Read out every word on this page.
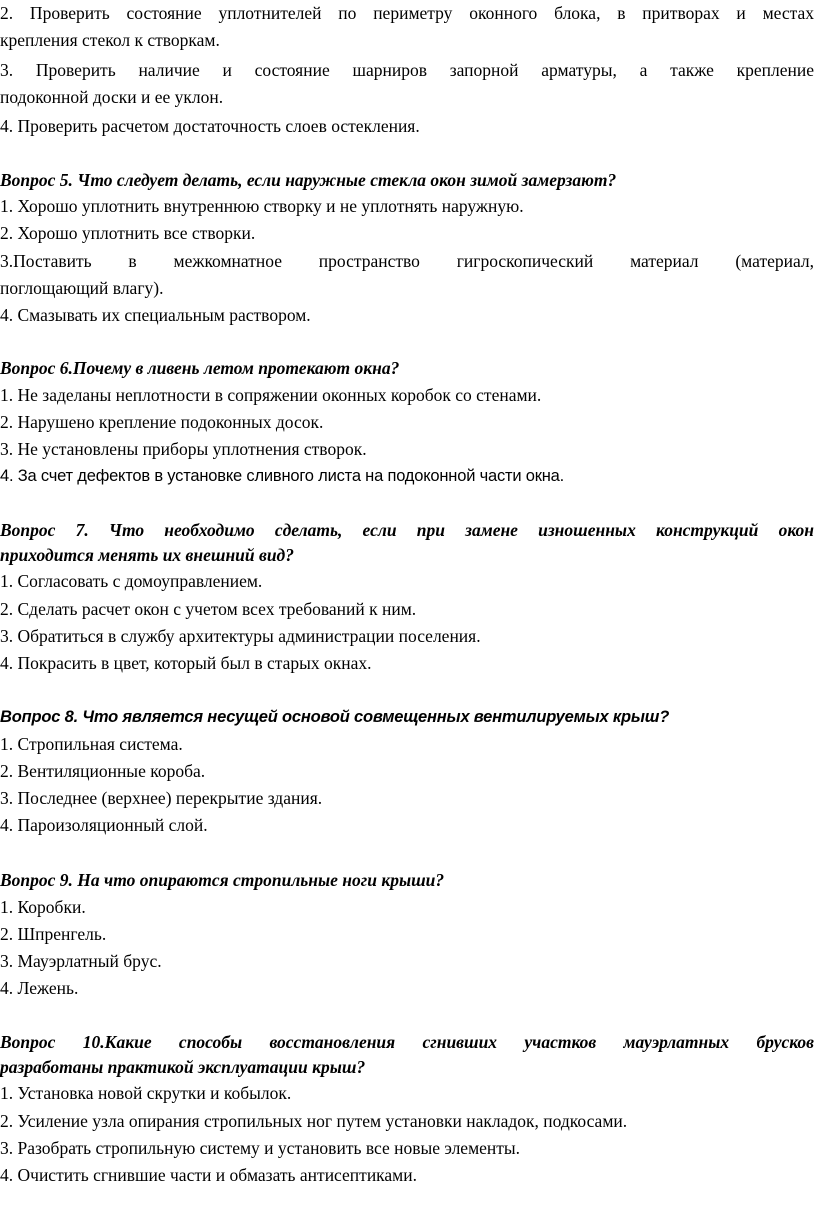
2. Проверить состояние уплотнителей по периметру оконного блока, в притворах и местах
крепления стекол к створкам.
3. Проверить наличие и состояние шарниров запорной арматуры, а также крепление
подоконной доски и ее уклон.
4. Проверить расчетом достаточность слоев остекления.
Вопрос 5. Что следует делать, если наружные стекла окон зимой замерзают?
1. Хорошо уплотнить внутреннюю створку и не уплотнять наружную.
2. Хорошо уплотнить все створки.
3.Поставить в межкомнатное пространство гигроскопический материал (материал,
поглощающий влагу).
4. Смазывать их специальным раствором.
Вопрос 6.Почему в ливень летом протекают окна?
1. Не заделаны неплотности в сопряжении оконных коробок со стенами.
2. Нарушено крепление подоконных досок.
3. Не установлены приборы уплотнения створок.
4. За счет дефектов в установке сливного листа на подоконной части окна.
Вопрос 7. Что необходимо сделать, если при замене изношенных конструкций окон
приходится менять их внешний вид?
1. Согласовать с домоуправлением.
2. Сделать расчет окон с учетом всех требований к ним.
3. Обратиться в службу архитектуры администрации поселения.
4. Покрасить в цвет, который был в старых окнах.
Вопрос 8. Что является несущей основой совмещенных вентилируемых крыш?
1. Стропильная система.
2. Вентиляционные короба.
3. Последнее (верхнее) перекрытие здания.
4. Пароизоляционный слой.
Вопрос 9. На что опираются стропильные ноги крыши?
1. Коробки.
2. Шпренгель.
3. Мауэрлатный брус.
4. Лежень.
Вопрос 10.Какие способы восстановления сгнивших участков мауэрлатных брусков
разработаны практикой эксплуатации крыш?
1. Установка новой скрутки и кобылок.
2. Усиление узла опирания стропильных ног путем установки накладок, подкосами.
3. Разобрать стропильную систему и установить все новые элементы.
4. Очистить сгнившие части и обмазать антисептиками.
